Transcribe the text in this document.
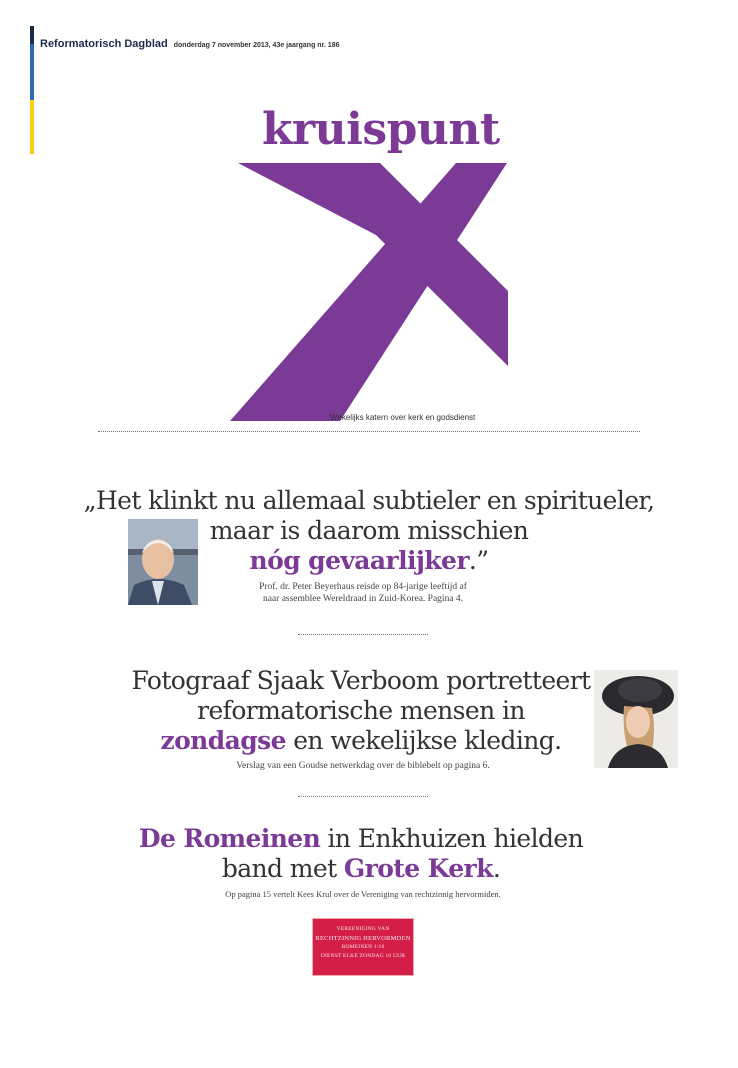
Reformatorisch Dagblad donderdag 7 november 2013, 43e jaargang nr. 186
kruispunt
Wekelijks katern over kerk en godsdienst
„Het klinkt nu allemaal subtieler en spiritueler,
maar is daarom misschien
nóg gevaarlijker.”
Prof. dr. Peter Beyerhaus reisde op 84-jarige leeftijd af
naar assemblee Wereldraad in Zuid-Korea. Pagina 4.
Fotograaf Sjaak Verboom portretteert
reformatorische mensen in
zondagse en wekelijkse kleding.
Verslag van een Goudse netwerkdag over de biblebelt op pagina 6.
De Romeinen in Enkhuizen hielden
band met Grote Kerk.
Op pagina 15 vertelt Kees Krul over de Vereniging van rechtzinnig hervormiden.
VEREENIGING VAN
RECHTZINNIG HERVORMDEN
ROMEINEN 1:16
DIENST ELKE ZONDAG 10 UUR
